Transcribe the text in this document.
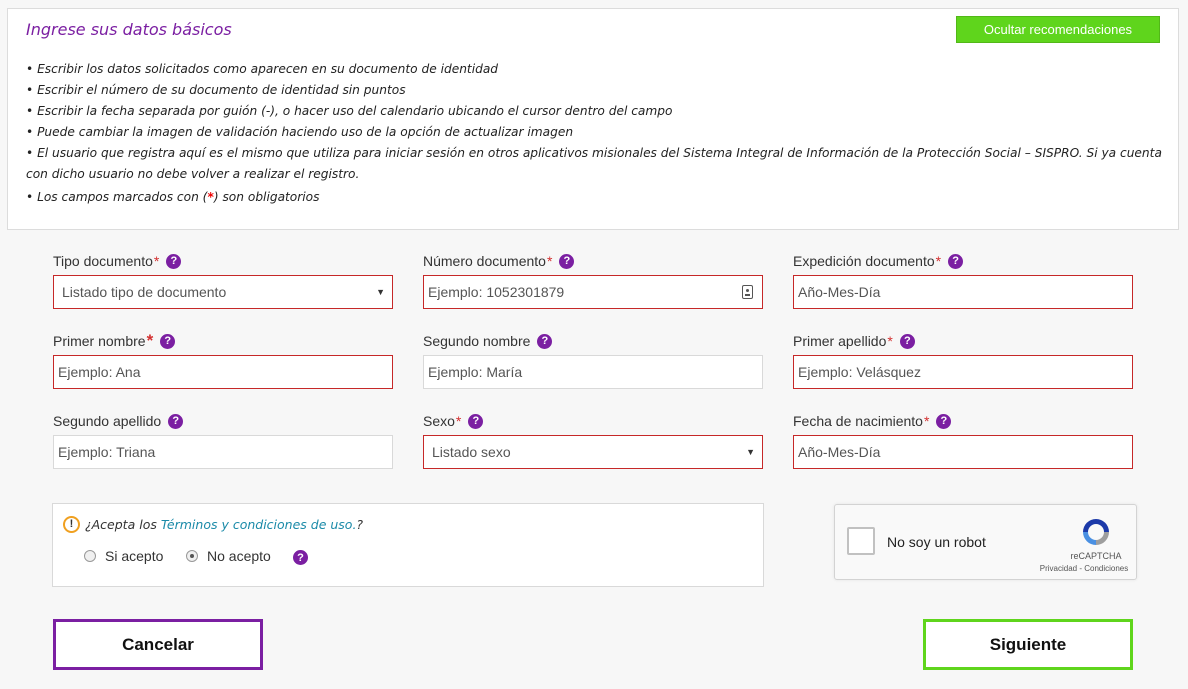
Ingrese sus datos básicos	Ocultar recomendaciones
• Escribir los datos solicitados como aparecen en su documento de identidad
• Escribir el número de su documento de identidad sin puntos
• Escribir la fecha separada por guión (-), o hacer uso del calendario ubicando el cursor dentro del campo
• Puede cambiar la imagen de validación haciendo uso de la opción de actualizar imagen
• El usuario que registra aquí es el mismo que utiliza para iniciar sesión en otros aplicativos misionales del Sistema Integral de Información de la Protección Social – SISPRO. Si ya cuenta con dicho usuario no debe volver a realizar el registro.
• Los campos marcados con (*) son obligatorios
Tipo documento *	?
Listado tipo de documento	▼
Número documento *	?
Ejemplo: 1052301879
Expedición documento *	?
Año-Mes-Día
Primer nombre *	?
Ejemplo: Ana
Segundo nombre	?
Ejemplo: María
Primer apellido *	?
Ejemplo: Velásquez
Segundo apellido	?
Ejemplo: Triana
Sexo *	?
Listado sexo	▼
Fecha de nacimiento *	?
Año-Mes-Día
! ¿Acepta los Términos y condiciones de uso.?
Si acepto	No acepto	?
No soy un robot
reCAPTCHA
Privacidad - Condiciones
Cancelar	Siguiente
